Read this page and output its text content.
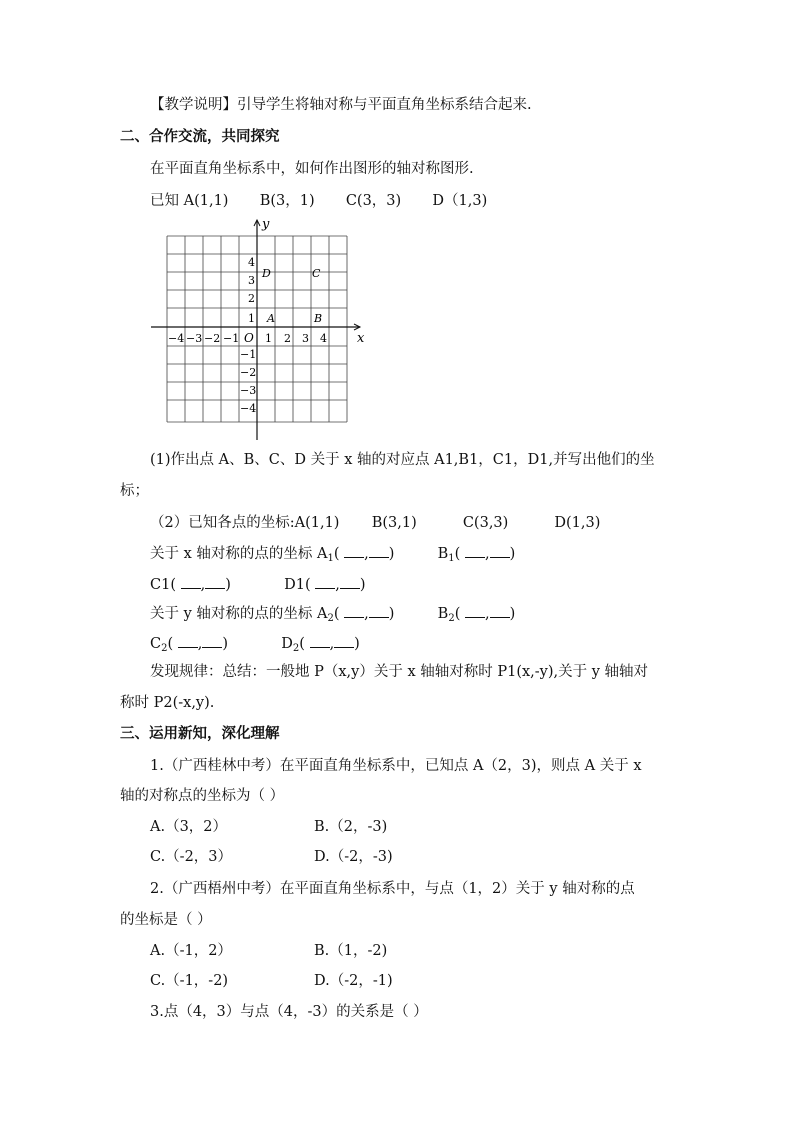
【教学说明】引导学生将轴对称与平面直角坐标系结合起来.
二、合作交流，共同探究
在平面直角坐标系中，如何作出图形的轴对称图形.
已知 A(1,1) B(3，1) C(3，3) D（1,3)
x
y
O
−4 −3 −2 −1 1 2 3 4
1
2
3
4
−1
−2
−3
−4
A	B
C
D
(1)作出点 A、B、C、D 关于 x 轴的对应点 A1,B1，C1，D1,并写出他们的坐
标；
（2）已知各点的坐标:A(1,1)       B(3,1)          C(3,3)          D(1,3)
关于 x 轴对称的点的坐标 $A_1$( , )	$B_1$( , )
C1( , )	D1( , )
关于 y 轴对称的点的坐标 $A_2$( , )	$B_2$( , )
$C_2$( , )	$D_2$( , )
发现规律：总结：一般地 P（x,y）关于 x 轴轴对称时 P1(x,-y),关于 y 轴轴对
称时 P2(-x,y).
三、运用新知，深化理解
1.（广西桂林中考）在平面直角坐标系中，已知点 A（2，3)，则点 A 关于 x
轴的对称点的坐标为（ ）
A.（3，2）	B.（2，-3)
C.（-2，3）	D.（-2，-3)
2.（广西梧州中考）在平面直角坐标系中，与点（1，2）关于 y 轴对称的点
的坐标是（ ）
A.（-1，2）	B.（1，-2)
C.（-1，-2)	D.（-2，-1)
3.点（4，3）与点（4，-3）的关系是（ ）
